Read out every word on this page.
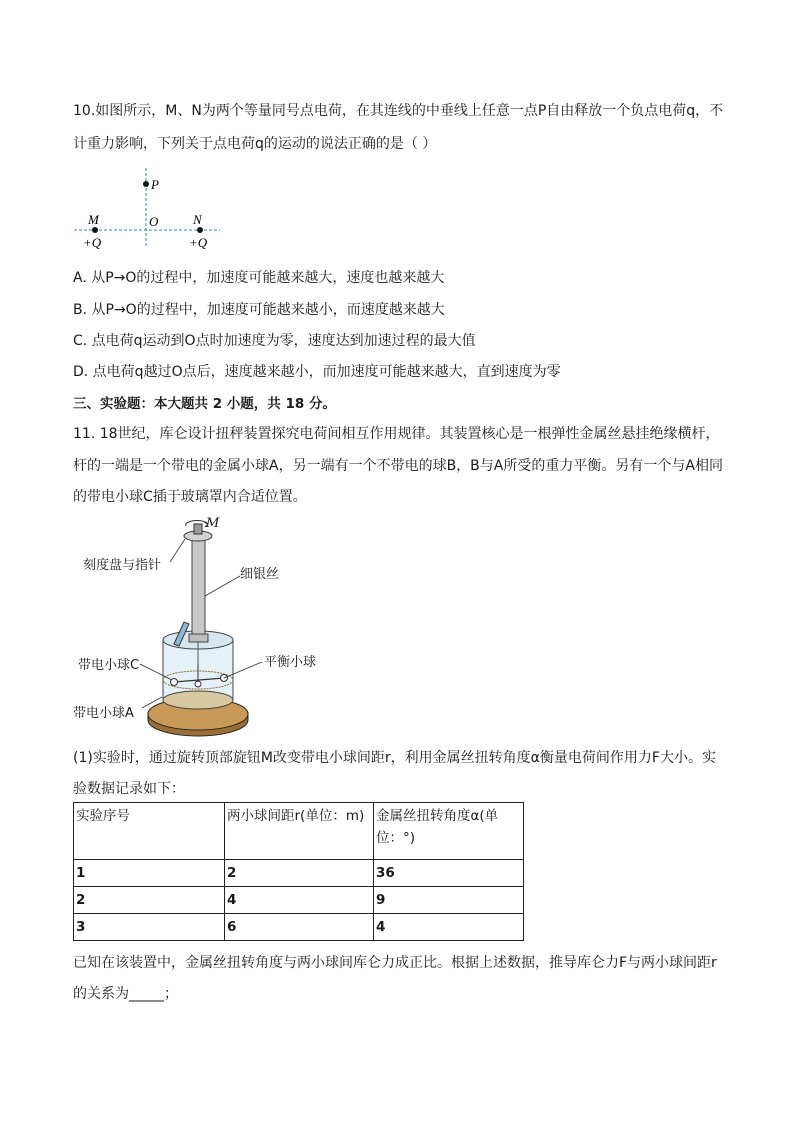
10.如图所示，M、N为两个等量同号点电荷，在其连线的中垂线上任意一点P自由释放一个负点电荷q，不
计重力影响，下列关于点电荷q的运动的说法正确的是（ ）
P
O
M	N
+Q	+Q
A. 从P→O的过程中，加速度可能越来越大，速度也越来越大
B. 从P→O的过程中，加速度可能越来越小，而速度越来越大
C. 点电荷q运动到O点时加速度为零，速度达到加速过程的最大值
D. 点电荷q越过O点后，速度越来越小，而加速度可能越来越大，直到速度为零
三、实验题：本大题共 2 小题，共 18 分。
11. 18世纪，库仑设计扭秤装置探究电荷间相互作用规律。其装置核心是一根弹性金属丝悬挂绝缘横杆，
杆的一端是一个带电的金属小球A，另一端有一个不带电的球B，B与A所受的重力平衡。另有一个与A相同
的带电小球C插于玻璃罩内合适位置。
M
刻度盘与指针
细银丝
平衡小球
带电小球C
带电小球A
(1)实验时，通过旋转顶部旋钮M改变带电小球间距r，利用金属丝扭转角度α衡量电荷间作用力F大小。实
验数据记录如下：
实验序号	两小球间距r(单位：m)	金属丝扭转角度α(单
位：°)

1	2	36
2	4	9
3	6	4
已知在该装置中，金属丝扭转角度与两小球间库仑力成正比。根据上述数据，推导库仑力F与两小球间距r
的关系为_____；
